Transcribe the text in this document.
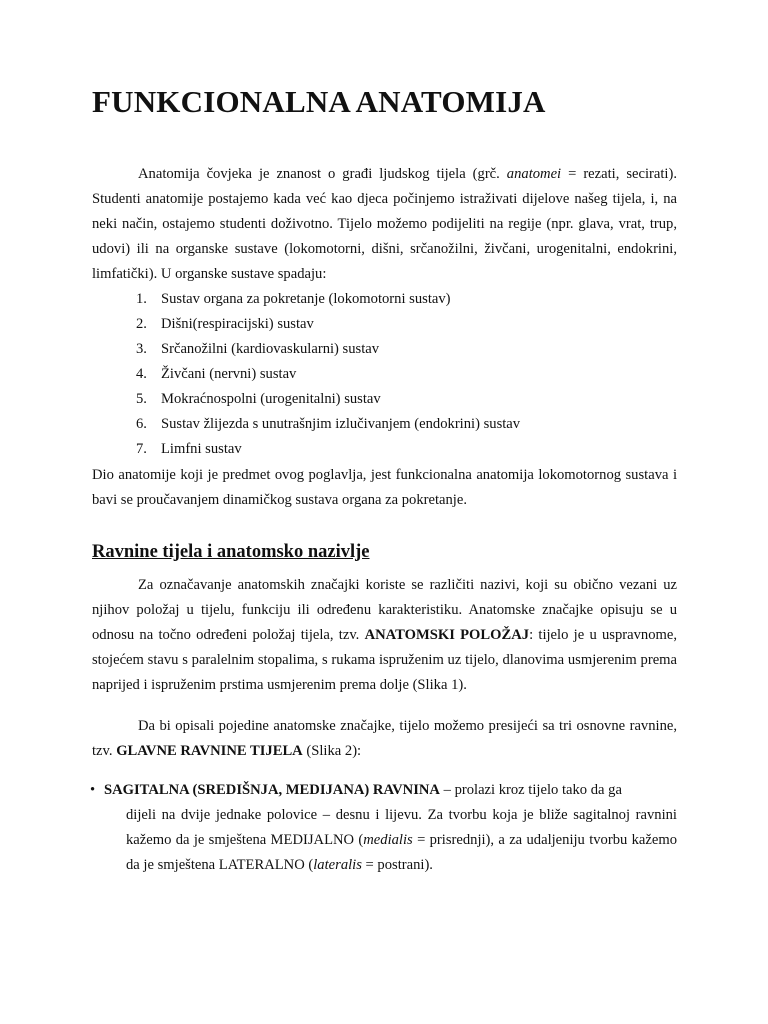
FUNKCIONALNA ANATOMIJA

Anatomija čovjeka je znanost o građi ljudskog tijela (grč. anatomei = rezati, secirati). Studenti anatomije postajemo kada već kao djeca počinjemo istraživati dijelove našeg tijela, i, na neki način, ostajemo studenti doživotno. Tijelo možemo podijeliti na regije (npr. glava, vrat, trup, udovi) ili na organske sustave (lokomotorni, dišni, srčanožilni, živčani, urogenitalni, endokrini, limfatički). U organske sustave spadaju:

1. Sustav organa za pokretanje (lokomotorni sustav)
2. Dišni(respiracijski) sustav
3. Srčanožilni (kardiovaskularni) sustav
4. Živčani (nervni) sustav
5. Mokraćnospolni (urogenitalni) sustav
6. Sustav žlijezda s unutrašnjim izlučivanjem (endokrini) sustav
7. Limfni sustav

Dio anatomije koji je predmet ovog poglavlja, jest funkcionalna anatomija lokomotornog sustava i bavi se proučavanjem dinamičkog sustava organa za pokretanje.

Ravnine tijela i anatomsko nazivlje

Za označavanje anatomskih značajki koriste se različiti nazivi, koji su obično vezani uz njihov položaj u tijelu, funkciju ili određenu karakteristiku. Anatomske značajke opisuju se u odnosu na točno određeni položaj tijela, tzv. ANATOMSKI POLOŽAJ: tijelo je u uspravnome, stojećem stavu s paralelnim stopalima, s rukama ispruženim uz tijelo, dlanovima usmjerenim prema naprijed i ispruženim prstima usmjerenim prema dolje (Slika 1).

Da bi opisali pojedine anatomske značajke, tijelo možemo presijeći sa tri osnovne ravnine, tzv. GLAVNE RAVNINE TIJELA (Slika 2):

• SAGITALNA (SREDIŠNJA, MEDIJANA) RAVNINA – prolazi kroz tijelo tako da ga
dijeli na dvije jednake polovice – desnu i lijevu. Za tvorbu koja je bliže sagitalnoj ravnini kažemo da je smještena MEDIJALNO (medialis = prisrednji), a za udaljeniju tvorbu kažemo da je smještena LATERALNO (lateralis = postrani).
